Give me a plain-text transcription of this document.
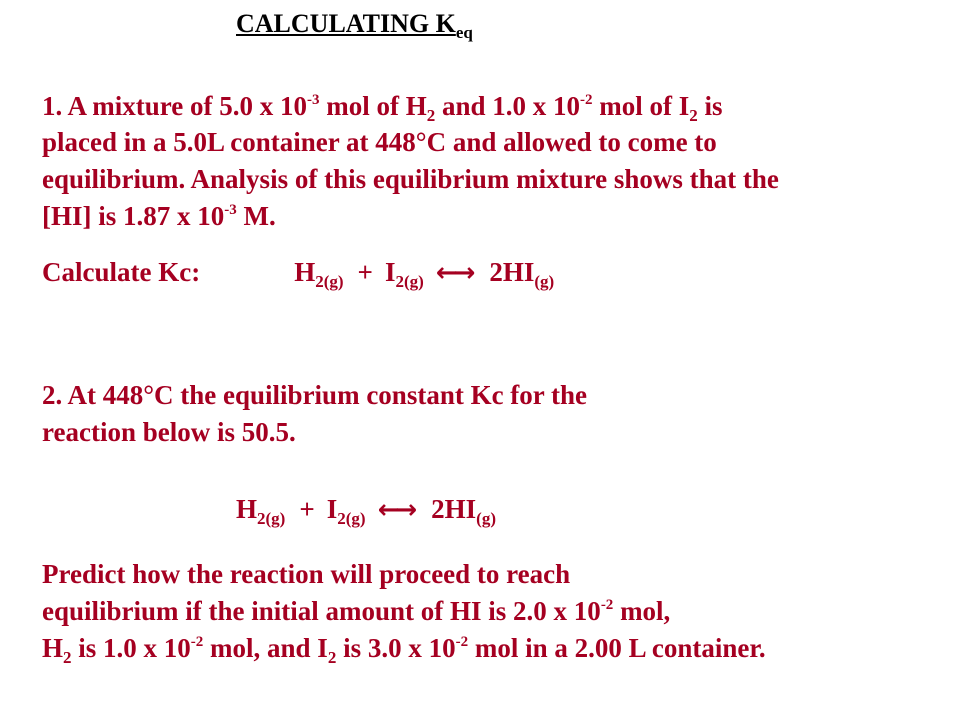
CALCULATING $K_{eq}$
1. A mixture of 5.0 x $10^{-3}$ mol of $H_2$ and 1.0 x $10^{-2}$ mol of $I_2$ is
placed in a 5.0L container at 448°C and allowed to come to
equilibrium. Analysis of this equilibrium mixture shows that the
[HI] is 1.87 x $10^{-3}$ M.
Calculate Kc:	$H_{2(g)} + I_{2(g)}$ ←→ $2HI_{(g)}$
2. At 448°C the equilibrium constant Kc for the
reaction below is 50.5.
$H_{2(g)} + I_{2(g)}$ ←→ $2HI_{(g)}$
Predict how the reaction will proceed to reach
equilibrium if the initial amount of HI is 2.0 x $10^{-2}$ mol,
$H_2$ is 1.0 x $10^{-2}$ mol, and $I_2$ is 3.0 x $10^{-2}$ mol in a 2.00 L container.
